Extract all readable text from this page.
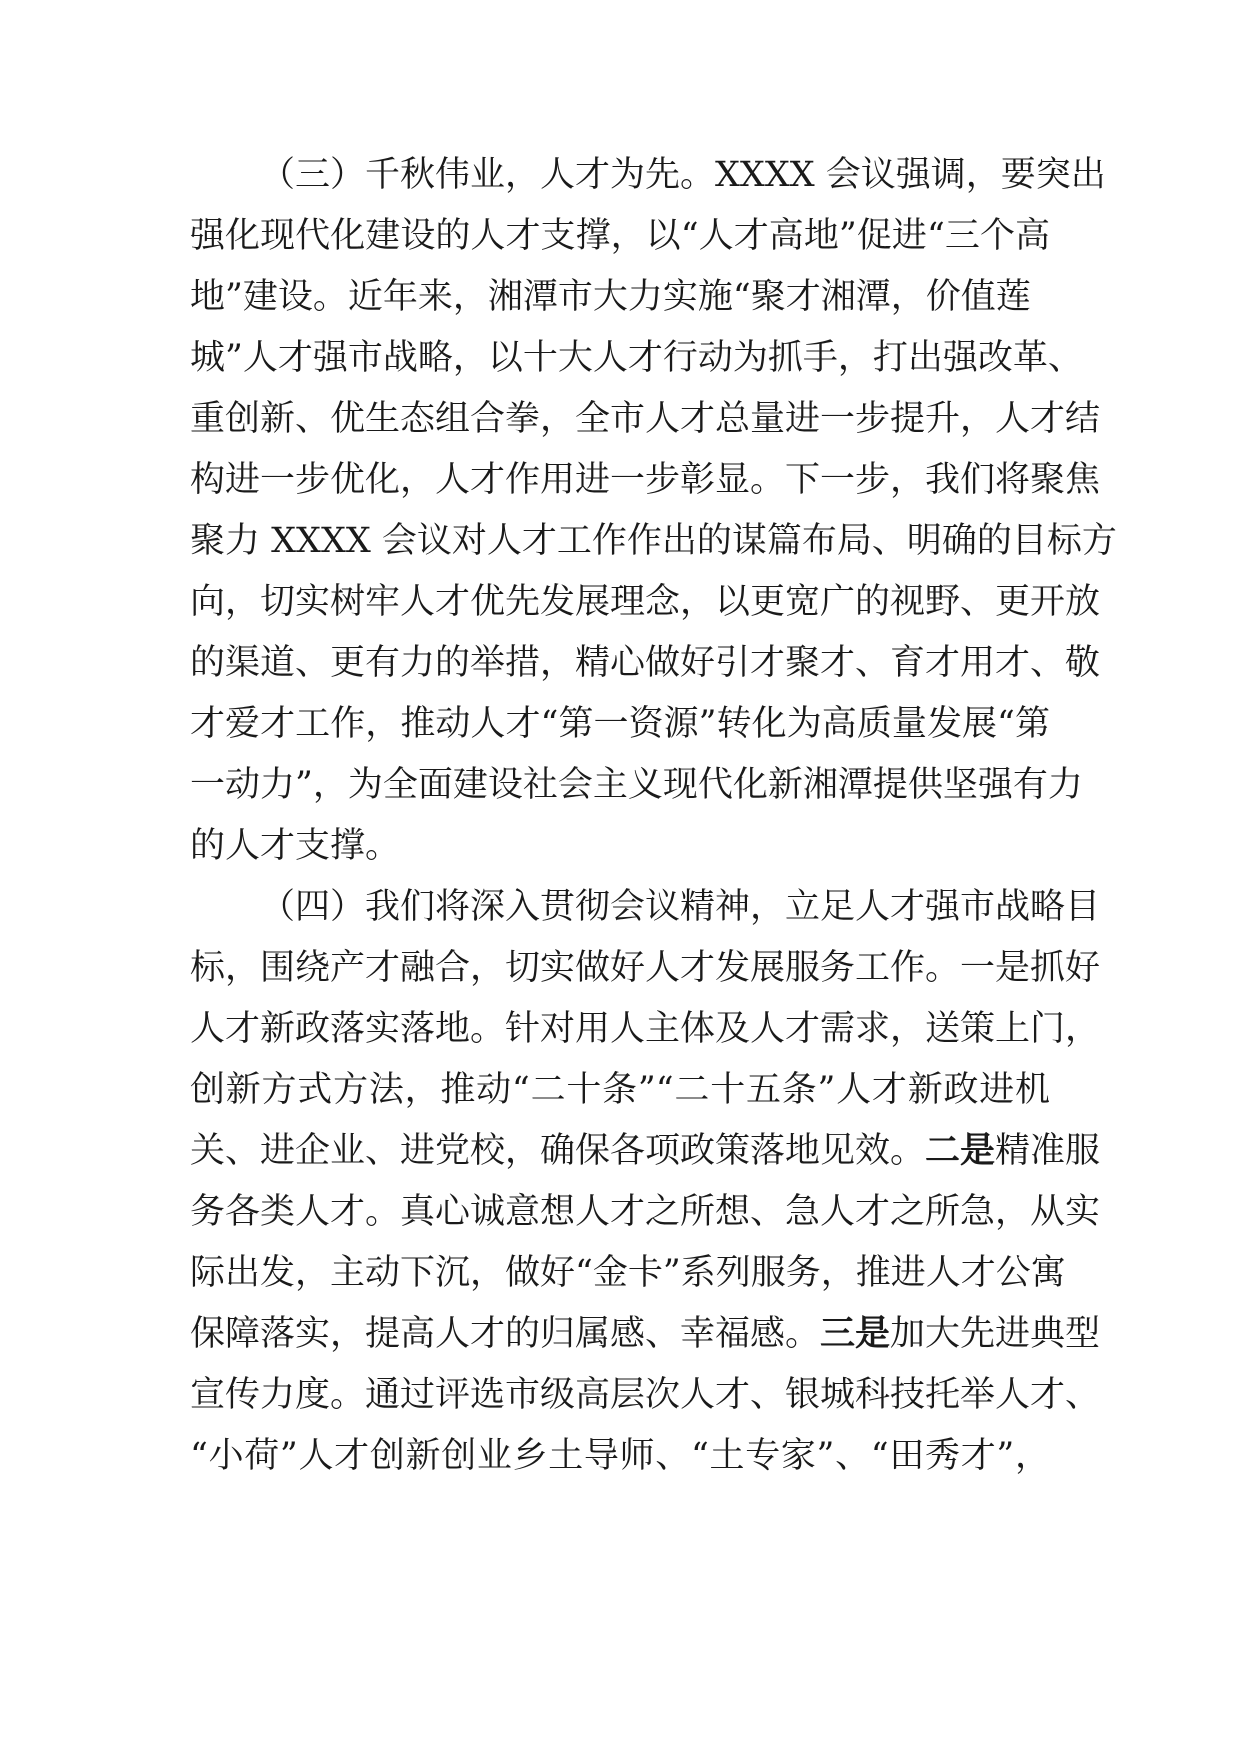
（三）千秋伟业，人才为先。XXXX 会议强调，要突出
强化现代化建设的人才支撑，以“人才高地”促进“三个高
地”建设。近年来，湘潭市大力实施“聚才湘潭，价值莲
城”人才强市战略，以十大人才行动为抓手，打出强改革、
重创新、优生态组合拳，全市人才总量进一步提升，人才结
构进一步优化，人才作用进一步彰显。下一步，我们将聚焦
聚力 XXXX 会议对人才工作作出的谋篇布局、明确的目标方
向，切实树牢人才优先发展理念，以更宽广的视野、更开放
的渠道、更有力的举措，精心做好引才聚才、育才用才、敬
才爱才工作，推动人才“第一资源”转化为高质量发展“第
一动力”，为全面建设社会主义现代化新湘潭提供坚强有力
的人才支撑。
（四）我们将深入贯彻会议精神，立足人才强市战略目
标，围绕产才融合，切实做好人才发展服务工作。一是抓好
人才新政落实落地。针对用人主体及人才需求，送策上门，
创新方式方法，推动“二十条”“二十五条”人才新政进机
关、进企业、进党校，确保各项政策落地见效。二是精准服
务各类人才。真心诚意想人才之所想、急人才之所急，从实
际出发，主动下沉，做好“金卡”系列服务，推进人才公寓
保障落实，提高人才的归属感、幸福感。三是加大先进典型
宣传力度。通过评选市级高层次人才、银城科技托举人才、
“小荷”人才创新创业乡土导师、“土专家”、“田秀才”，
